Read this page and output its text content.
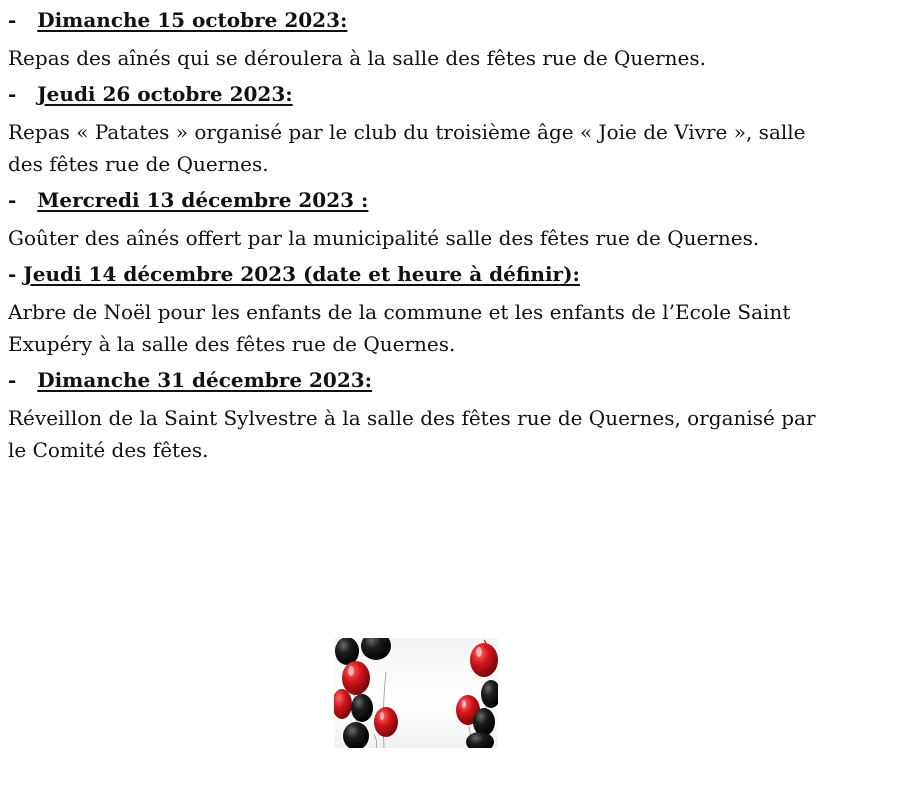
- Dimanche 15 octobre 2023:

Repas des aînés qui se déroulera à la salle des fêtes rue de Quernes.

- Jeudi 26 octobre 2023:

Repas « Patates » organisé par le club du troisième âge « Joie de Vivre », salle

des fêtes rue de Quernes.

- Mercredi 13 décembre 2023 :

Goûter des aînés offert par la municipalité salle des fêtes rue de Quernes.

- Jeudi 14 décembre 2023 (date et heure à définir):

Arbre de Noël pour les enfants de la commune et les enfants de l’Ecole Saint

Exupéry à la salle des fêtes rue de Quernes.

- Dimanche 31 décembre 2023:

Réveillon de la Saint Sylvestre à la salle des fêtes rue de Quernes, organisé par

le Comité des fêtes.
